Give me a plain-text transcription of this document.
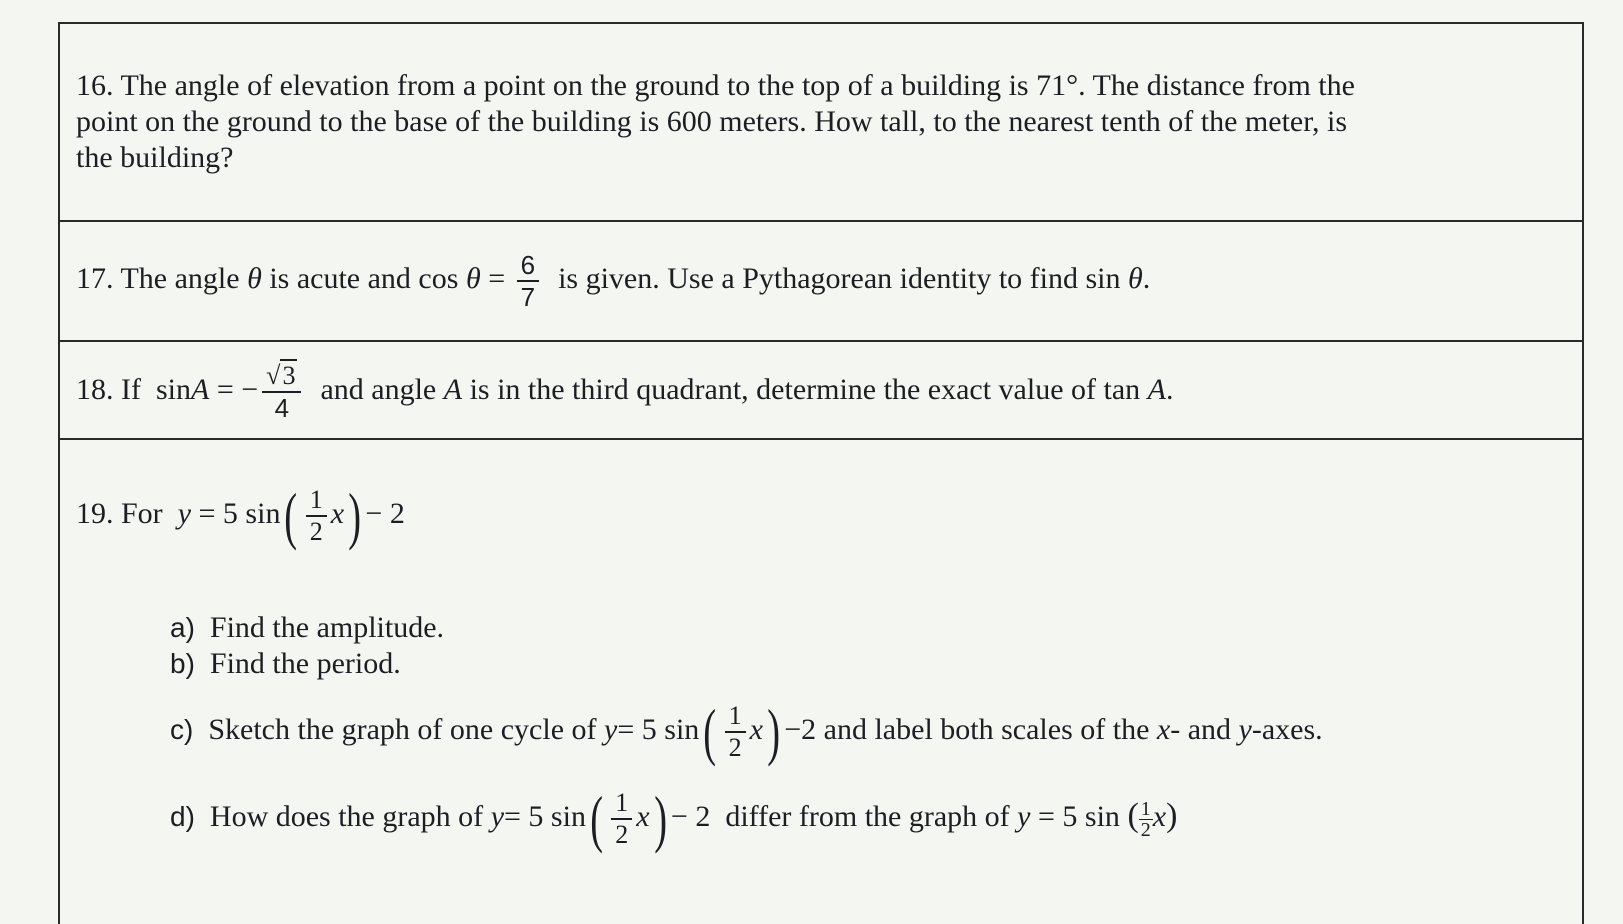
16. The angle of elevation from a point on the ground to the top of a building is 71°. The distance from the
point on the ground to the base of the building is 600 meters. How tall, to the nearest tenth of the meter, is
the building?
17. The angle θ is acute and $\cos \theta = \frac{6}{7}$ is given. Use a Pythagorean identity to find sin θ.
18. If sinA = − $\frac{√3}{4}$ and angle A is in the third quadrant, determine the exact value of tan A.
19. For y = 5 $\sin( \frac{1}{2} x) - 2$
a) Find the amplitude.
b) Find the period.
c) Sketch the graph of one cycle of y= 5 $\sin( \frac{1}{2} x) -2$ and label both scales of the x- and y-axes.
d) How does the graph of y= 5 $\sin( \frac{1}{2} x) - 2$ differ from the graph of y = 5 sin ( $\frac{1}{2} x$)
